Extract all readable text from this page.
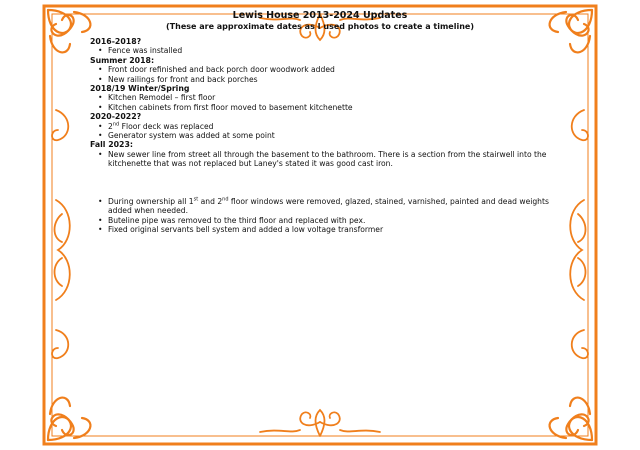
Lewis House 2013-2024 Updates
(These are approximate dates as I used photos to create a timeline)
2016-2018?
• Fence was installed
Summer 2018:
• Front door refinished and back porch door woodwork added
• New railings for front and back porches
2018/19 Winter/Spring
• Kitchen Remodel – first floor
• Kitchen cabinets from first floor moved to basement kitchenette
2020-2022?
• 2nd Floor deck was replaced
• Generator system was added at some point
Fall 2023:
• New sewer line from street all through the basement to the bathroom. There is a section from the stairwell into the kitchenette that was not replaced but Laney's stated it was good cast iron.
• During ownership all 1st and 2nd floor windows were removed, glazed, stained, varnished, painted and dead weights added when needed.
• Buteline pipe was removed to the third floor and replaced with pex.
• Fixed original servants bell system and added a low voltage transformer
